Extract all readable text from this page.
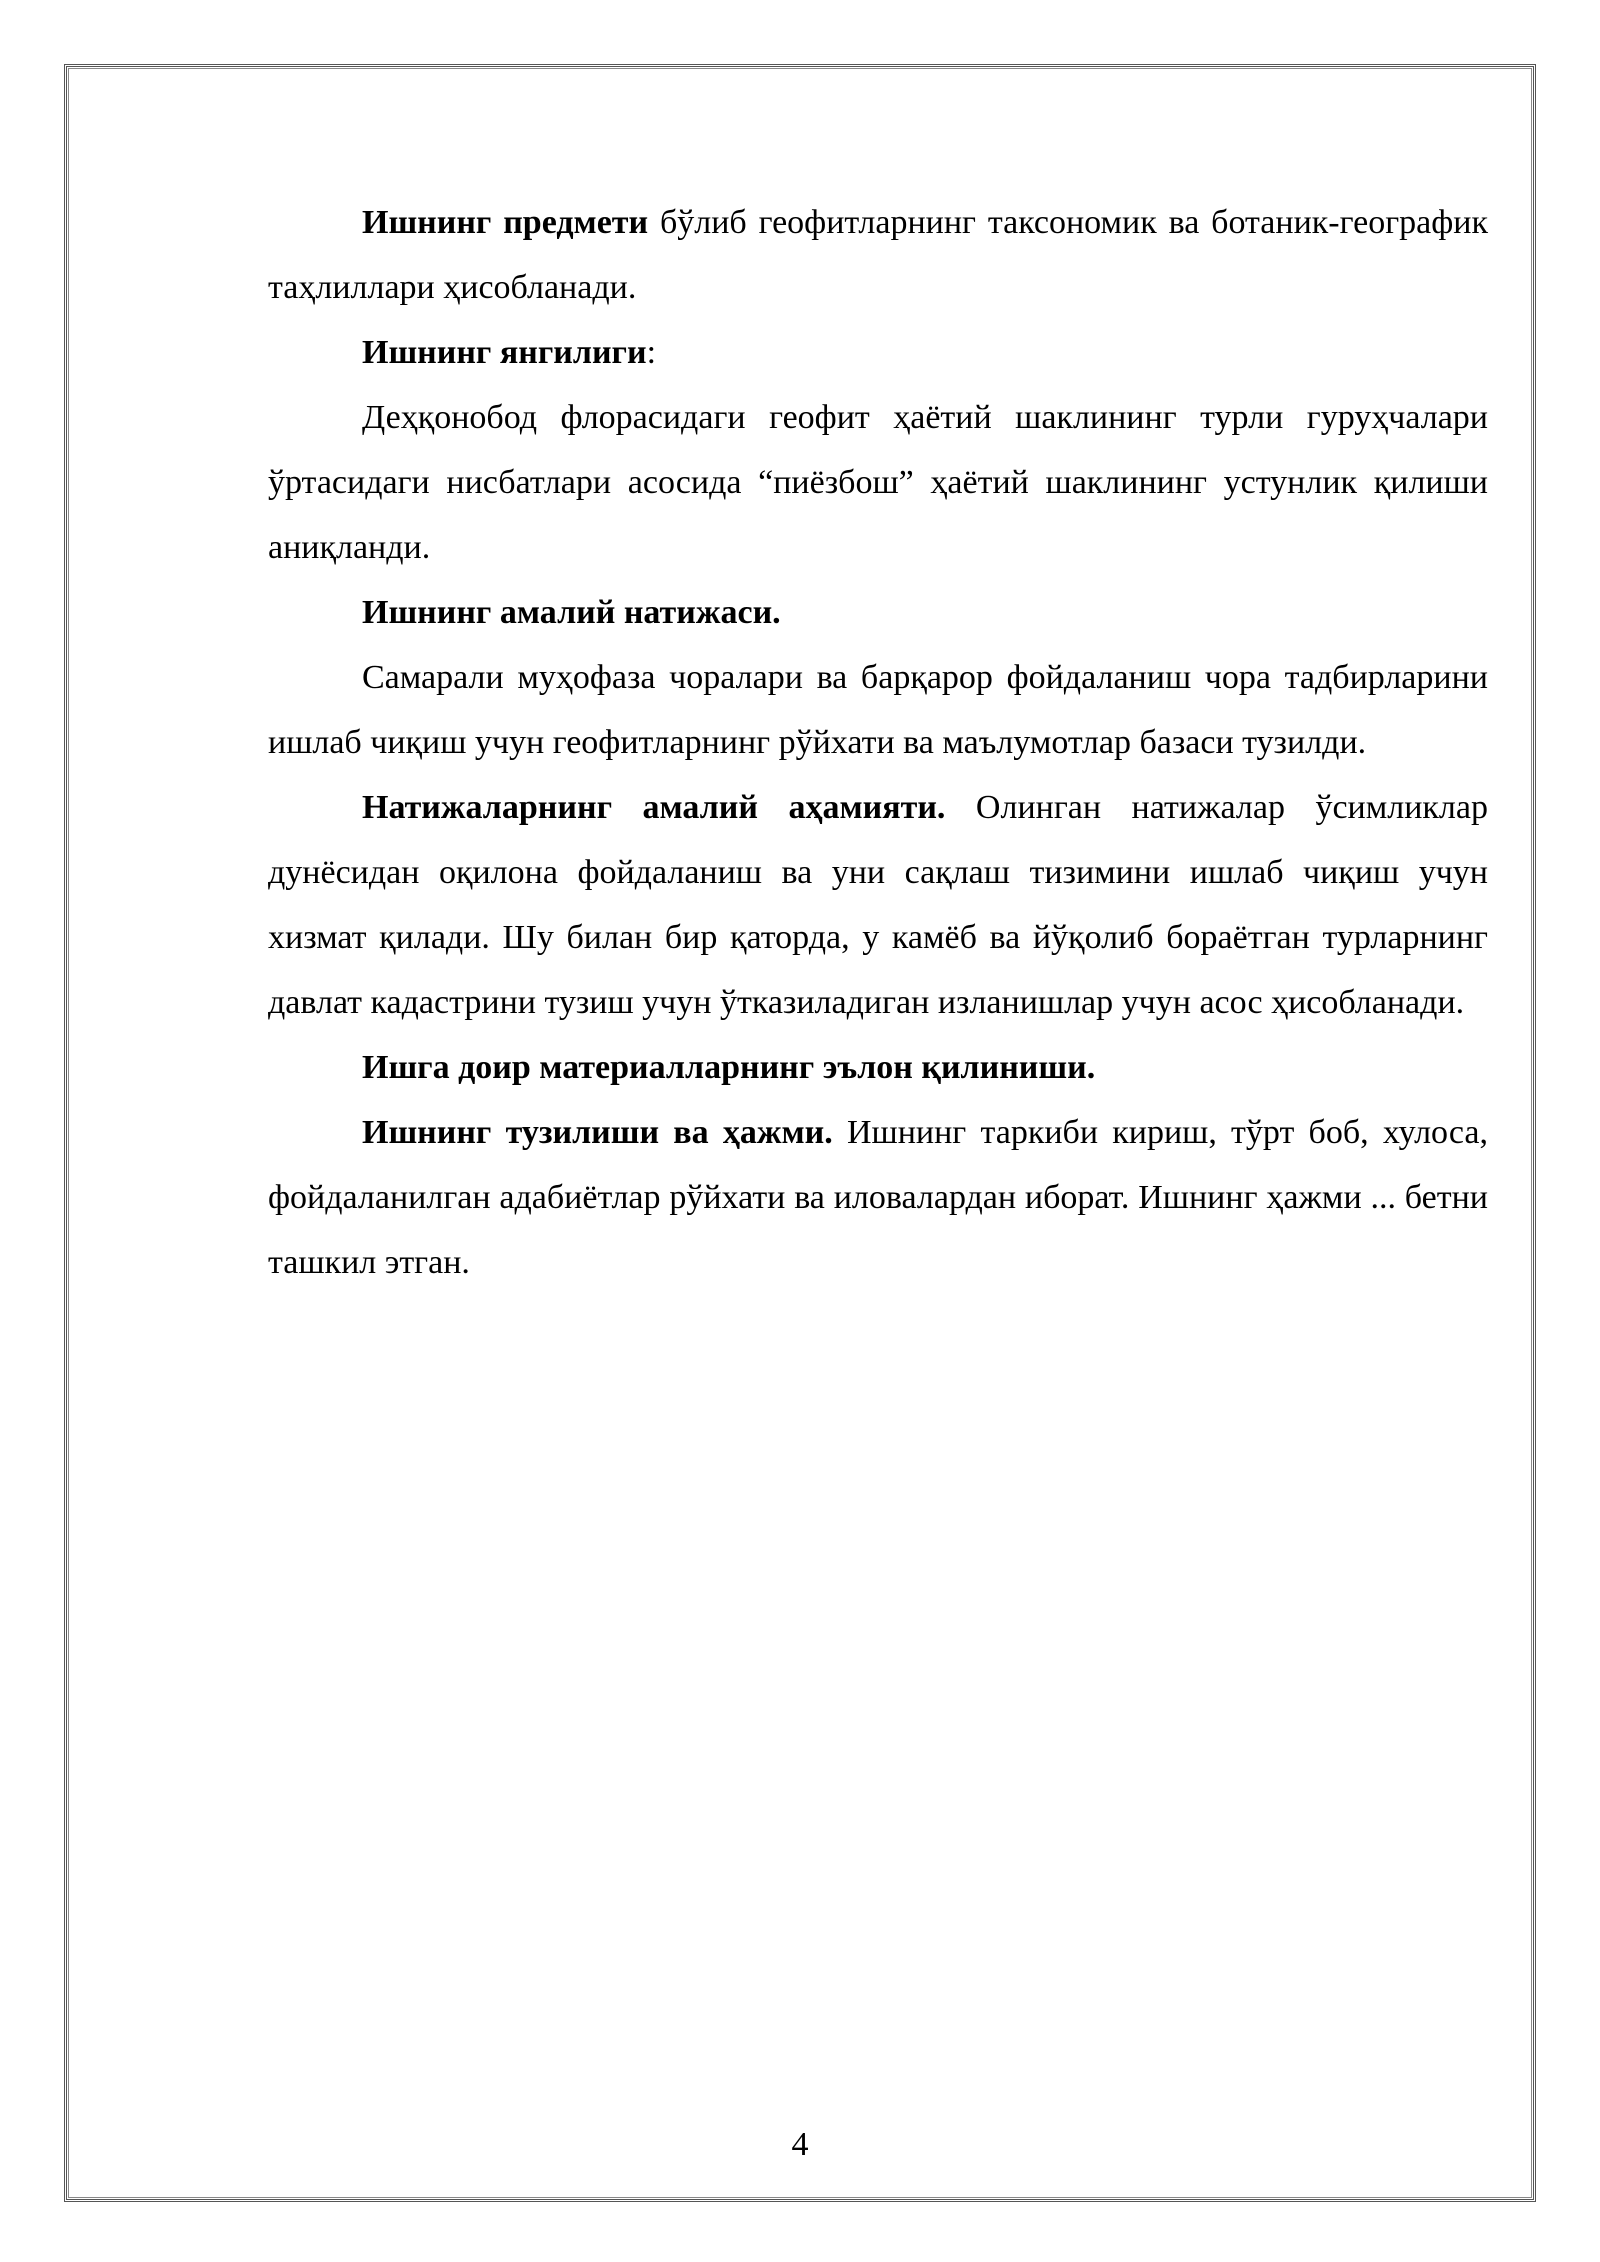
Ишнинг предмети бўлиб геофитларнинг таксономик ва ботаник-географик таҳлиллари ҳисобланади.

Ишнинг янгилиги:

Деҳқонобод флорасидаги геофит ҳаётий шаклининг турли гуруҳчалари ўртасидаги нисбатлари асосида “пиёзбош” ҳаётий шаклининг устунлик қилиши аниқланди.

Ишнинг амалий натижаси.

Самарали муҳофаза чоралари ва барқарор фойдаланиш чора тадбирларини ишлаб чиқиш учун геофитларнинг рўйхати ва маълумотлар базаси тузилди.

Натижаларнинг амалий аҳамияти. Олинган натижалар ўсимликлар дунёсидан оқилона фойдаланиш ва уни сақлаш тизимини ишлаб чиқиш учун хизмат қилади. Шу билан бир қаторда, у камёб ва йўқолиб бораётган турларнинг давлат кадастрини тузиш учун ўтказиладиган изланишлар учун асос ҳисобланади.

Ишга доир материалларнинг эълон қилиниши.

Ишнинг тузилиши ва ҳажми. Ишнинг таркиби кириш, тўрт боб, хулоса, фойдаланилган адабиётлар рўйхати ва иловалардан иборат. Ишнинг ҳажми ... бетни ташкил этган.

4
